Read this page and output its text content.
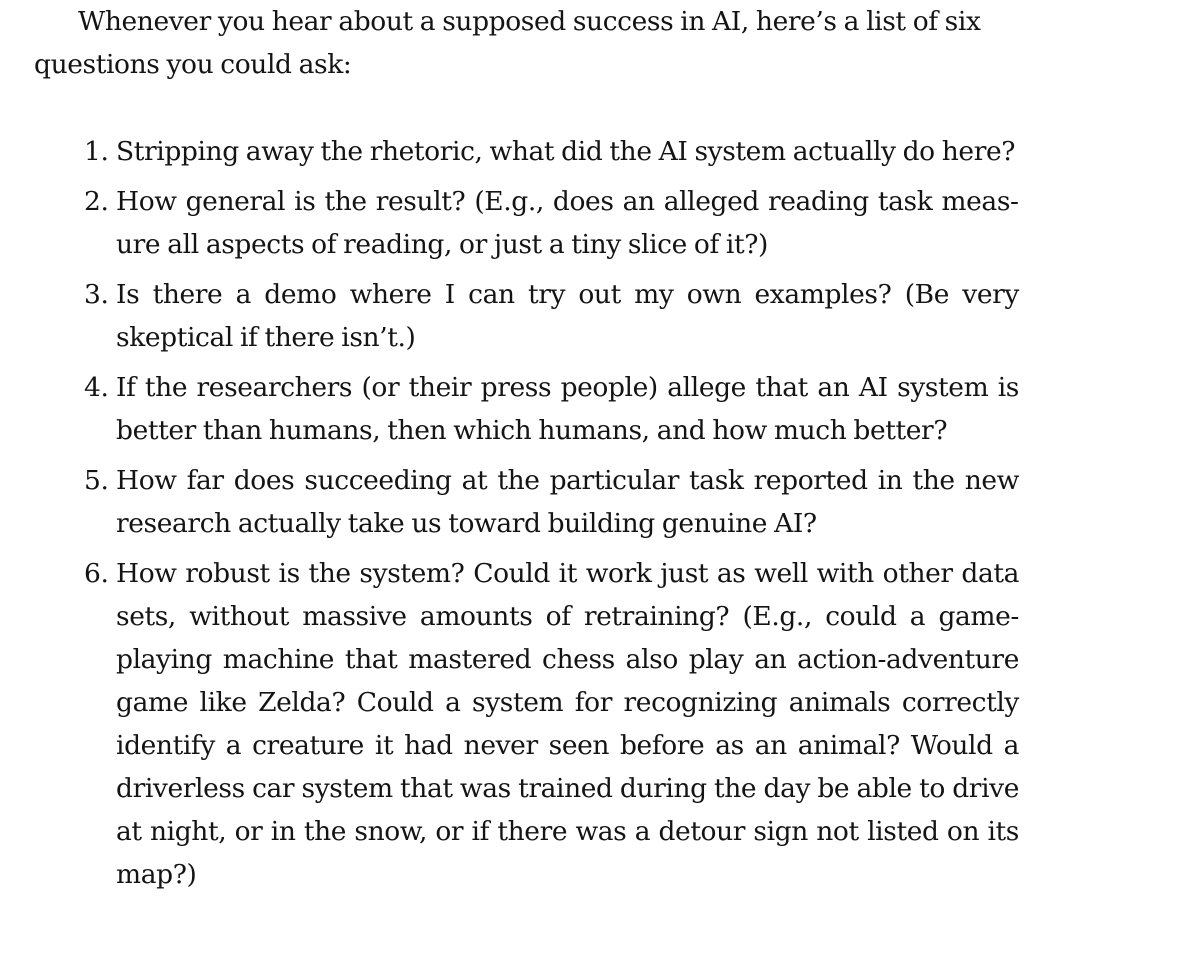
Whenever you hear about a supposed success in AI, here’s a list of six questions you could ask:

1. Stripping away the rhetoric, what did the AI system actually do here?
2. How general is the result? (E.g., does an alleged reading task measure all aspects of reading, or just a tiny slice of it?)
3. Is there a demo where I can try out my own examples? (Be very skeptical if there isn’t.)
4. If the researchers (or their press people) allege that an AI system is better than humans, then which humans, and how much better?
5. How far does succeeding at the particular task reported in the new research actually take us toward building genuine AI?
6. How robust is the system? Could it work just as well with other data sets, without massive amounts of retraining? (E.g., could a game-playing machine that mastered chess also play an action-adventure game like Zelda? Could a system for recognizing animals correctly identify a creature it had never seen before as an animal? Would a driverless car system that was trained during the day be able to drive at night, or in the snow, or if there was a detour sign not listed on its map?)
